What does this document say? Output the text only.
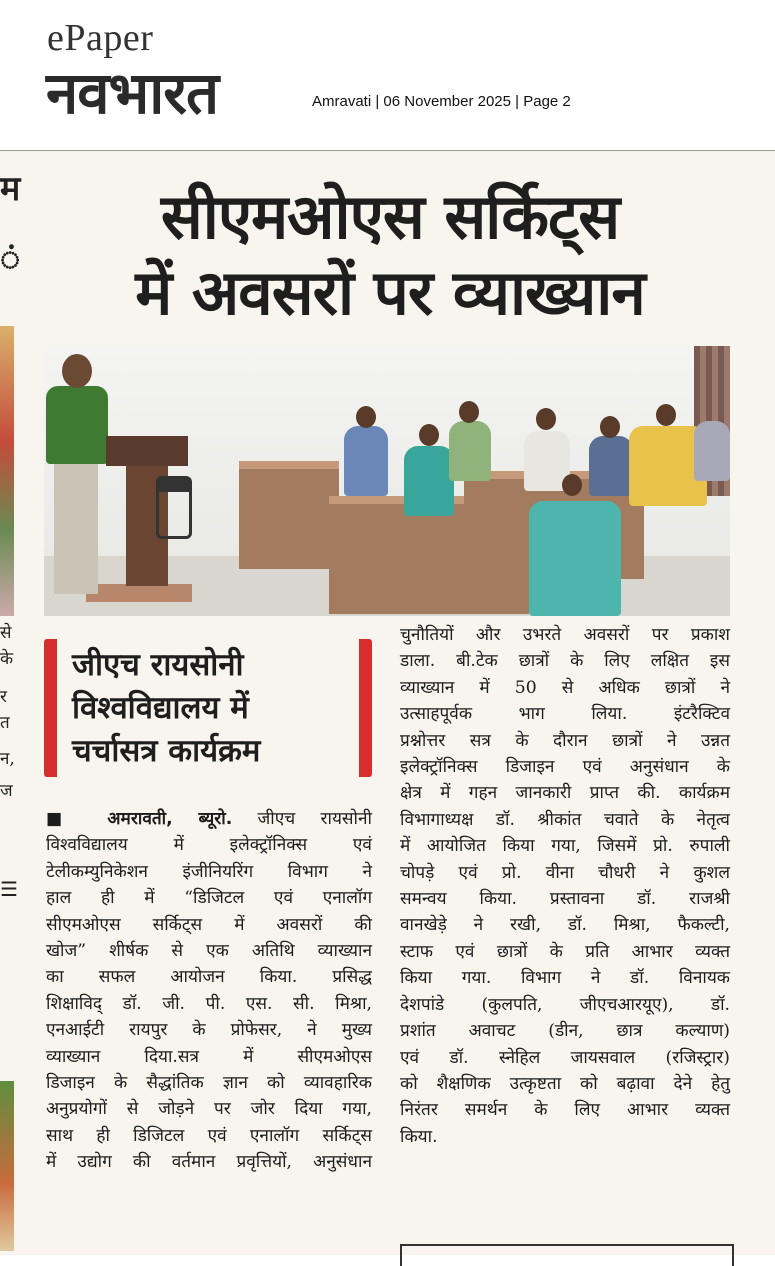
ePaper
नवभारत	Amravati | 06 November 2025 | Page 2
म
ं
से
के
र
त
न,
ज
☰
सीएमओएस सर्किट्स
में अवसरों पर व्याख्यान
जीएच रायसोनी
विश्वविद्यालय में
चर्चासत्र कार्यक्रम
■ अमरावती, ब्यूरो. जीएच रायसोनी
विश्वविद्यालय में इलेक्ट्रॉनिक्स एवं
टेलीकम्युनिकेशन इंजीनियरिंग विभाग ने
हाल ही में “डिजिटल एवं एनालॉग
सीएमओएस सर्किट्स में अवसरों की
खोज” शीर्षक से एक अतिथि व्याख्यान
का सफल आयोजन किया. प्रसिद्ध
शिक्षाविद् डॉ. जी. पी. एस. सी. मिश्रा,
एनआईटी रायपुर के प्रोफेसर, ने मुख्य
व्याख्यान दिया.सत्र में सीएमओएस
डिजाइन के सैद्धांतिक ज्ञान को व्यावहारिक
अनुप्रयोगों से जोड़ने पर जोर दिया गया,
साथ ही डिजिटल एवं एनालॉग सर्किट्स
में उद्योग की वर्तमान प्रवृत्तियों, अनुसंधान
चुनौतियों और उभरते अवसरों पर प्रकाश
डाला. बी.टेक छात्रों के लिए लक्षित इस
व्याख्यान में 50 से अधिक छात्रों ने
उत्साहपूर्वक भाग लिया. इंटरैक्टिव
प्रश्नोत्तर सत्र के दौरान छात्रों ने उन्नत
इलेक्ट्रॉनिक्स डिजाइन एवं अनुसंधान के
क्षेत्र में गहन जानकारी प्राप्त की. कार्यक्रम
विभागाध्यक्ष डॉ. श्रीकांत चवाते के नेतृत्व
में आयोजित किया गया, जिसमें प्रो. रुपाली
चोपड़े एवं प्रो. वीना चौधरी ने कुशल
समन्वय किया. प्रस्तावना डॉ. राजश्री
वानखेड़े ने रखी, डॉ. मिश्रा, फैकल्टी,
स्टाफ एवं छात्रों के प्रति आभार व्यक्त
किया गया. विभाग ने डॉ. विनायक
देशपांडे (कुलपति, जीएचआरयूए), डॉ.
प्रशांत अवाचट (डीन, छात्र कल्याण)
एवं डॉ. स्नेहिल जायसवाल (रजिस्ट्रार)
को शैक्षणिक उत्कृष्टता को बढ़ावा देने हेतु
निरंतर समर्थन के लिए आभार व्यक्त
किया.
